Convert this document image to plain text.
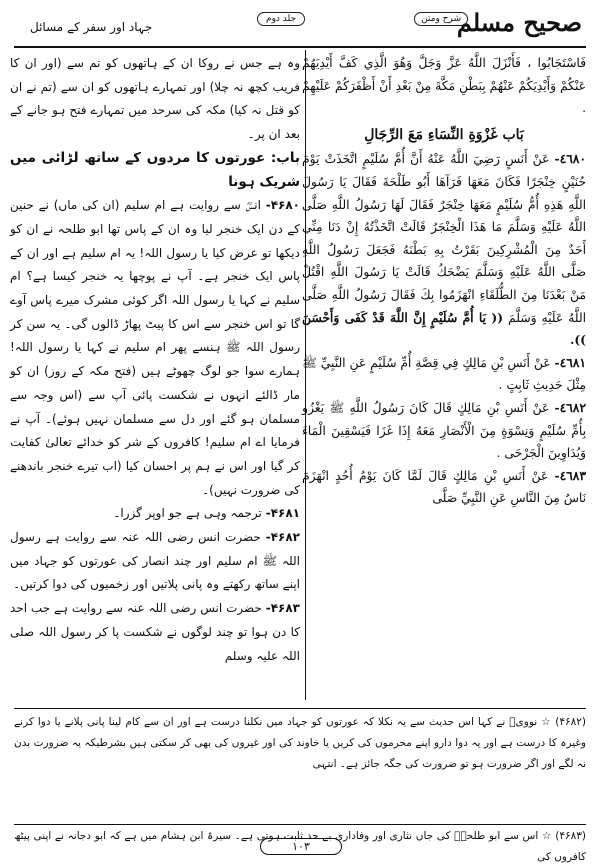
صحيح مسلم
شرح ومتن
جلد دوم
جہاد اور سفر کے مسائل

فَاسْتَجَابُوا ، فَأَنْزَلَ اللَّهُ عَزَّ وَجَلَّ وَهُوَ الَّذِي كَفَّ أَيْدِيَهُمْ عَنْكُمْ وَأَيْدِيَكُمْ عَنْهُمْ بِبَطْنِ مَكَّةَ مِنْ بَعْدِ أَنْ أَظْفَرَكُمْ عَلَيْهِمْ .

بَاب غَزْوَةِ النِّسَاءِ مَعَ الرِّجَالِ

٤٦٨٠- عَنْ أَنَسٍ رَضِيَ اللَّهُ عَنْهُ أَنَّ أُمَّ سُلَيْمٍ اتَّخَذَتْ يَوْمَ حُنَيْنٍ خِنْجَرًا فَكَانَ مَعَهَا فَرَآهَا أَبُو طَلْحَةَ فَقَالَ يَا رَسُولَ اللَّهِ هَذِهِ أُمُّ سُلَيْمٍ مَعَهَا خِنْجَرٌ فَقَالَ لَهَا رَسُولُ اللَّهِ صَلَّى اللَّهُ عَلَيْهِ وَسَلَّمَ مَا هَذَا الْخِنْجَرُ قَالَتْ اتَّخَذْتُهُ إِنْ دَنَا مِنِّي أَحَدٌ مِنَ الْمُشْرِكِينَ بَقَرْتُ بِهِ بَطْنَهُ فَجَعَلَ رَسُولُ اللَّهِ صَلَّى اللَّهُ عَلَيْهِ وَسَلَّمَ يَضْحَكُ قَالَتْ يَا رَسُولَ اللَّهِ اقْتُلْ مَنْ بَعْدَنَا مِنَ الطُّلَقَاءِ انْهَزَمُوا بِكَ فَقَالَ رَسُولُ اللَّهِ صَلَّى اللَّهُ عَلَيْهِ وَسَلَّمَ (( يَا أُمَّ سُلَيْمٍ إِنَّ اللَّهَ قَدْ كَفَى وَأَحْسَنَ )).

٤٦٨١- عَنْ أَنَسِ بْنِ مَالِكٍ فِي قِصَّةِ أُمِّ سُلَيْمٍ عَنِ النَّبِيِّ ﷺ مِثْلَ حَدِيثِ ثَابِتٍ .

٤٦٨٢- عَنْ أَنَسِ بْنِ مَالِكٍ قَالَ كَانَ رَسُولُ اللَّهِ ﷺ يَغْزُو بِأُمِّ سُلَيْمٍ وَنِسْوَةٍ مِنَ الْأَنْصَارِ مَعَهُ إِذَا غَزَا فَيَسْقِينَ الْمَاءَ وَيُدَاوِينَ الْجَرْحَى .

٤٦٨٣- عَنْ أَنَسِ بْنِ مَالِكٍ قَالَ لَمَّا كَانَ يَوْمُ أُحُدٍ انْهَزَمَ نَاسٌ مِنَ النَّاسِ عَنِ النَّبِيِّ صَلَّى

وہ ہے جس نے روکا ان کے ہاتھوں کو تم سے (اور ان کا فریب کچھ نہ چلا) اور تمہارے ہاتھوں کو ان سے (تم نے ان کو قتل نہ کیا) مکہ کی سرحد میں تمہارے فتح ہو جانے کے بعد ان پر۔

باب: عورتوں کا مردوں کے ساتھ لڑائی میں شریک ہونا

۴۶۸۰- انسؓ سے روایت ہے ام سلیم (ان کی ماں) نے حنین کے دن ایک خنجر لیا وہ ان کے پاس تھا ابو طلحہ نے ان کو دیکھا تو عرض کیا یا رسول اللہ! یہ ام سلیم ہے اور ان کے پاس ایک خنجر ہے۔ آپ نے پوچھا یہ خنجر کیسا ہے؟ ام سلیم نے کہا یا رسول اللہ اگر کوئی مشرک میرے پاس آوے گا تو اس خنجر سے اس کا پیٹ پھاڑ ڈالوں گی۔ یہ سن کر رسول اللہ ﷺ ہنسے پھر ام سلیم نے کہا یا رسول اللہ! ہمارے سوا جو لوگ چھوٹے ہیں (فتح مکہ کے روز) ان کو مار ڈالئے انہوں نے شکست پائی آپ سے (اس وجہ سے مسلمان ہو گئے اور دل سے مسلمان نہیں ہوئے)۔ آپ نے فرمایا اے ام سلیم! کافروں کے شر کو خدائے تعالیٰ کفایت کر گیا اور اس نے ہم پر احسان کیا (اب تیرے خنجر باندھنے کی ضرورت نہیں)۔

۴۶۸۱- ترجمہ وہی ہے جو اوپر گزرا۔

۴۶۸۲- حضرت انس رضی اللہ عنہ سے روایت ہے رسول اللہ ﷺ ام سلیم اور چند انصار کی عورتوں کو جہاد میں اپنے ساتھ رکھتے وہ پانی پلاتیں اور زخمیوں کی دوا کرتیں۔

۴۶۸۳- حضرت انس رضی اللہ عنہ سے روایت ہے جب احد کا دن ہوا تو چند لوگوں نے شکست پا کر رسول اللہ صلی اللہ علیہ وسلم

(۴۶۸۲) ☆ نوویؒ نے کہا اس حدیث سے یہ نکلا کہ عورتوں کو جہاد میں نکلنا درست ہے اور ان سے کام لینا پانی پلانے یا دوا کرنے وغیرہ کا درست ہے اور یہ دوا دارو اپنے محرموں کی کریں یا خاوند کی اور غیروں کی بھی کر سکتی ہیں بشرطیکہ یہ ضرورت بدن نہ لگے اور اگر ضرورت ہو تو ضرورت کی جگہ جائز ہے۔ انتہی

(۴۶۸۳) ☆ اس سے ابو طلحہؓ کی جاں نثاری اور وفاداری بے حد ثابت ہوتی ہے۔ سیرۃ ابن ہشام میں ہے کہ ابو دجانہ نے اپنی پیٹھ کافروں کی

۱۰۳
